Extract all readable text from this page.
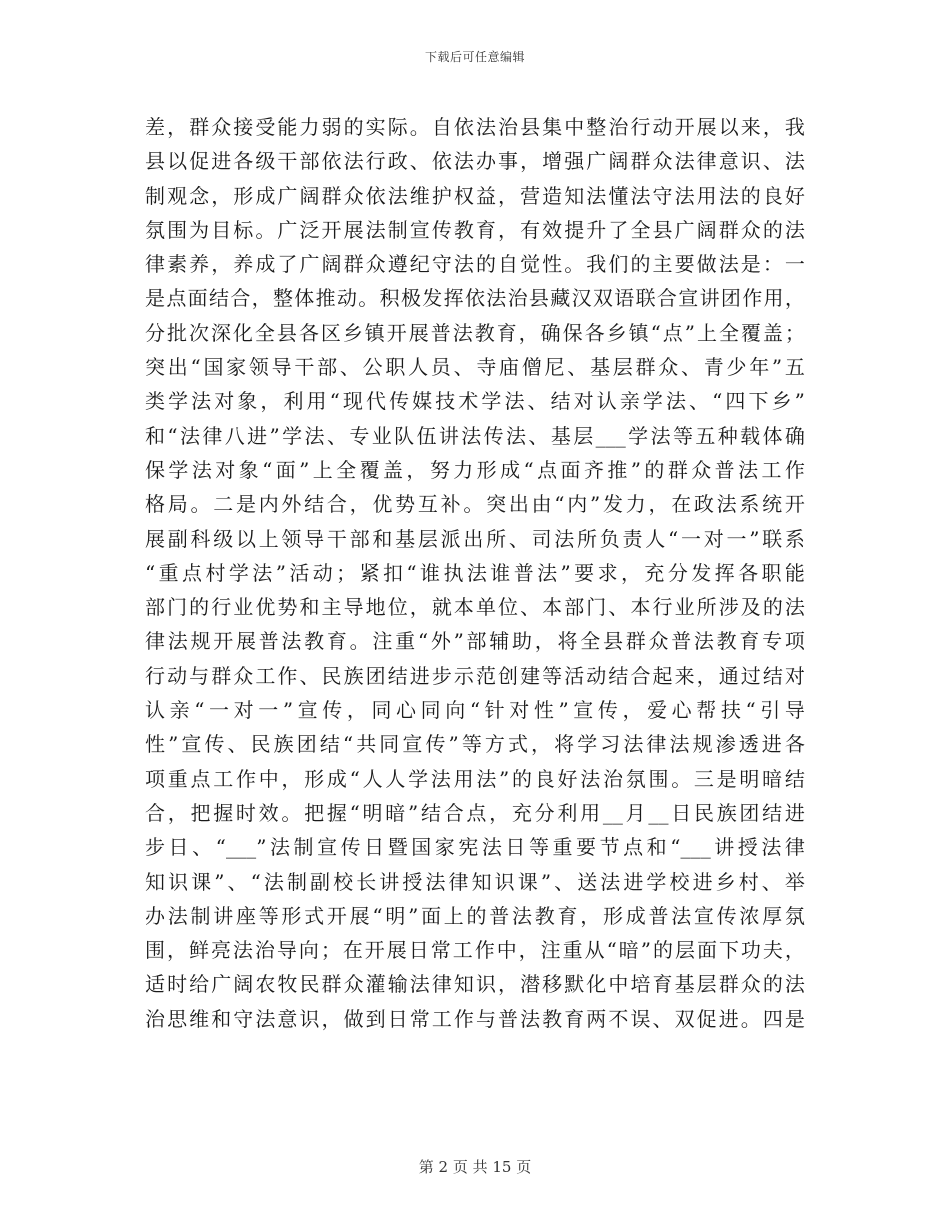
下载后可任意编辑
差，群众接受能力弱的实际。自依法治县集中整治行动开展以来，我
县以促进各级干部依法行政、依法办事，增强广阔群众法律意识、法
制观念，形成广阔群众依法维护权益，营造知法懂法守法用法的良好
氛围为目标。广泛开展法制宣传教育，有效提升了全县广阔群众的法
律素养，养成了广阔群众遵纪守法的自觉性。我们的主要做法是：一
是点面结合，整体推动。积极发挥依法治县藏汉双语联合宣讲团作用，
分批次深化全县各区乡镇开展普法教育，确保各乡镇“点”上全覆盖；
突出“国家领导干部、公职人员、寺庙僧尼、基层群众、青少年”五
类学法对象，利用“现代传媒技术学法、结对认亲学法、“四下乡”
和“法律八进”学法、专业队伍讲法传法、基层___学法等五种载体确
保学法对象“面”上全覆盖，努力形成“点面齐推”的群众普法工作
格局。二是内外结合，优势互补。突出由“内”发力，在政法系统开
展副科级以上领导干部和基层派出所、司法所负责人“一对一”联系
“重点村学法”活动；紧扣“谁执法谁普法”要求，充分发挥各职能
部门的行业优势和主导地位，就本单位、本部门、本行业所涉及的法
律法规开展普法教育。注重“外”部辅助，将全县群众普法教育专项
行动与群众工作、民族团结进步示范创建等活动结合起来，通过结对
认亲“一对一”宣传，同心同向“针对性”宣传，爱心帮扶“引导
性”宣传、民族团结“共同宣传”等方式，将学习法律法规渗透进各
项重点工作中，形成“人人学法用法”的良好法治氛围。三是明暗结
合，把握时效。把握“明暗”结合点，充分利用__月__日民族团结进
步日、“___”法制宣传日暨国家宪法日等重要节点和“___讲授法律
知识课”、“法制副校长讲授法律知识课”、送法进学校进乡村、举
办法制讲座等形式开展“明”面上的普法教育，形成普法宣传浓厚氛
围，鲜亮法治导向；在开展日常工作中，注重从“暗”的层面下功夫，
适时给广阔农牧民群众灌输法律知识，潜移默化中培育基层群众的法
治思维和守法意识，做到日常工作与普法教育两不误、双促进。四是
第 2 页 共 15 页
